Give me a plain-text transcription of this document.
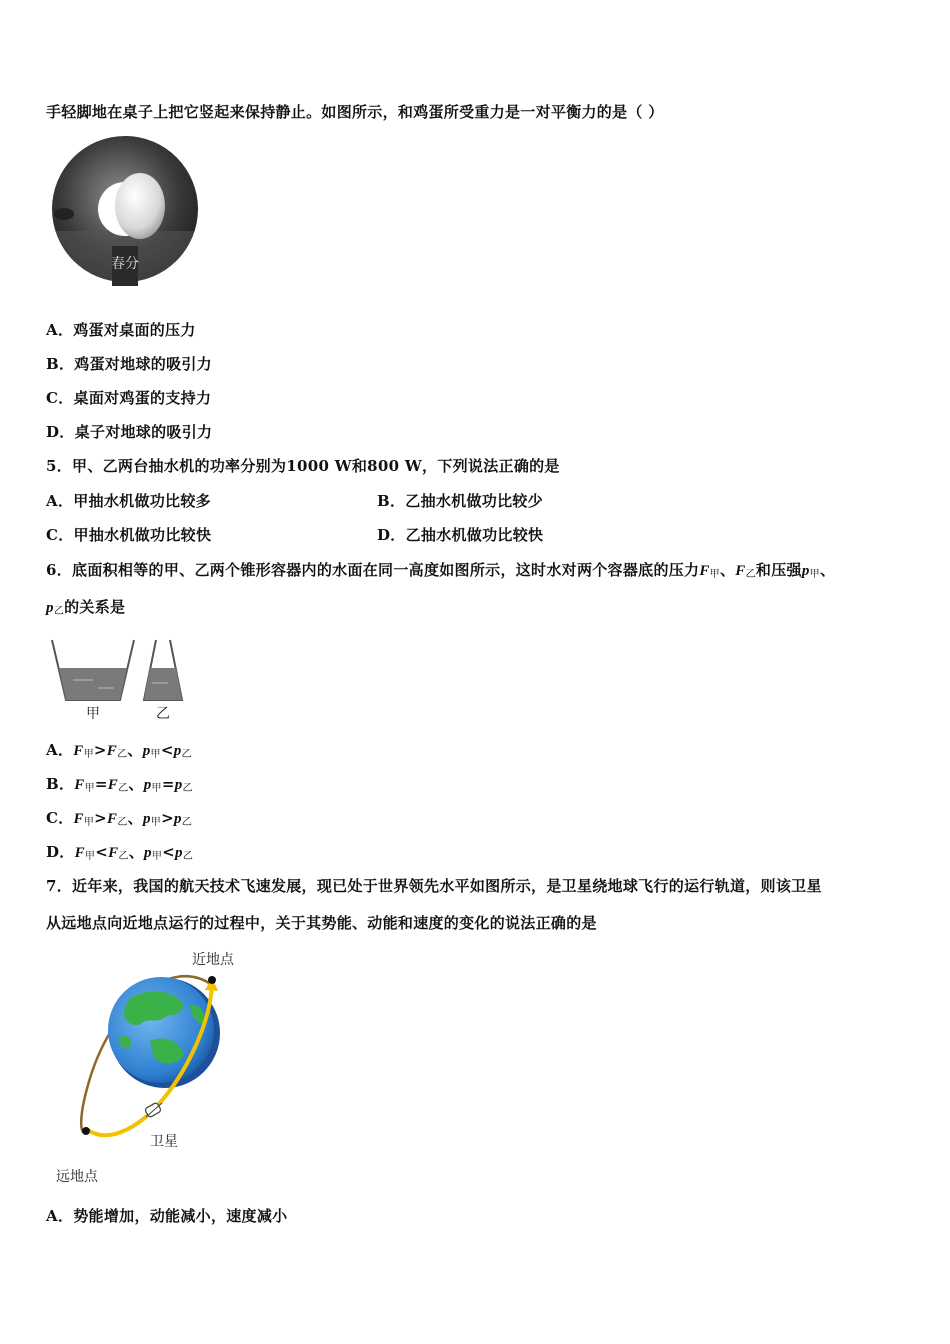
手轻脚地在桌子上把它竖起来保持静止。如图所示，和鸡蛋所受重力是一对平衡力的是（ ）
春分
A．鸡蛋对桌面的压力
B．鸡蛋对地球的吸引力
C．桌面对鸡蛋的支持力
D．桌子对地球的吸引力
5．甲、乙两台抽水机的功率分别为1000 W和800 W，下列说法正确的是
A．甲抽水机做功比较多	B．乙抽水机做功比较少
C．甲抽水机做功比较快	D．乙抽水机做功比较快
6．底面积相等的甲、乙两个锥形容器内的水面在同一高度如图所示，这时水对两个容器底的压力$F_甲$、$F_乙$和压强$p_甲$、
$p_乙$的关系是
甲	乙
A．$F_甲>F_乙$、$p_甲<p_乙$
B．$F_甲=F_乙$、$p_甲=p_乙$
C．$F_甲>F_乙$、$p_甲>p_乙$
D．$F_甲<F_乙$、$p_甲<p_乙$
7．近年来，我国的航天技术飞速发展，现已处于世界领先水平如图所示，是卫星绕地球飞行的运行轨道，则该卫星
从远地点向近地点运行的过程中，关于其势能、动能和速度的变化的说法正确的是
近地点
卫星
远地点
A．势能增加，动能减小，速度减小
